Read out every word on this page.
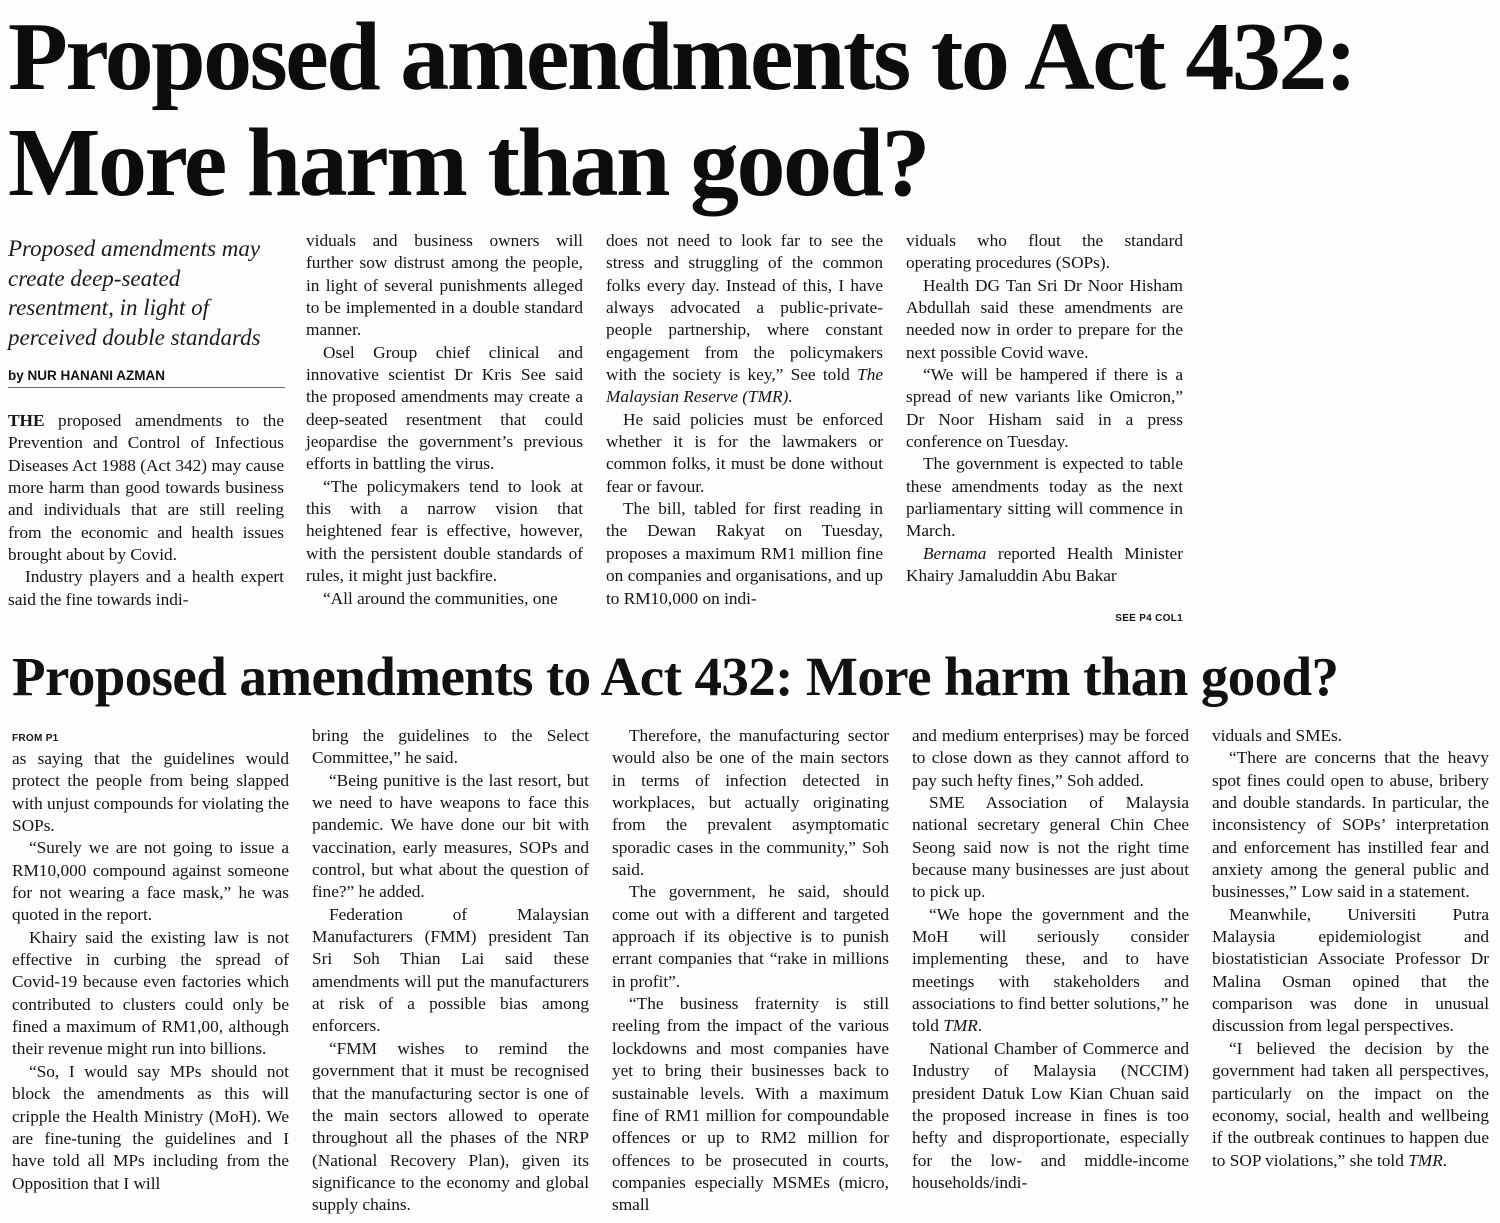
Proposed amendments to Act 432:
More harm than good?
Proposed amendments may create deep-seated resentment, in light of perceived double standards
by NUR HANANI AZMAN

THE proposed amendments to the Prevention and Control of Infectious Diseases Act 1988 (Act 342) may cause more harm than good towards business and individuals that are still reeling from the economic and health issues brought about by Covid.

Industry players and a health expert said the fine towards indi-

viduals and business owners will further sow distrust among the people, in light of several punishments alleged to be implemented in a double standard manner.

Osel Group chief clinical and innovative scientist Dr Kris See said the proposed amendments may create a deep-seated resentment that could jeopardise the government’s previous efforts in battling the virus.

“The policymakers tend to look at this with a narrow vision that heightened fear is effective, however, with the persistent double standards of rules, it might just backfire.

“All around the communities, one

does not need to look far to see the stress and struggling of the common folks every day. Instead of this, I have always advocated a public-private-people partnership, where constant engagement from the policymakers with the society is key,” See told The Malaysian Reserve (TMR).

He said policies must be enforced whether it is for the lawmakers or common folks, it must be done without fear or favour.

The bill, tabled for first reading in the Dewan Rakyat on Tuesday, proposes a maximum RM1 million fine on companies and organisations, and up to RM10,000 on indi-

viduals who flout the standard operating procedures (SOPs).

Health DG Tan Sri Dr Noor Hisham Abdullah said these amendments are needed now in order to prepare for the next possible Covid wave.

“We will be hampered if there is a spread of new variants like Omicron,” Dr Noor Hisham said in a press conference on Tuesday.

The government is expected to table these amendments today as the next parliamentary sitting will commence in March.

Bernama reported Health Minister Khairy Jamaluddin Abu Bakar

SEE P4 COL1
Proposed amendments to Act 432: More harm than good?
FROM P1

as saying that the guidelines would protect the people from being slapped with unjust compounds for violating the SOPs.

“Surely we are not going to issue a RM10,000 compound against someone for not wearing a face mask,” he was quoted in the report.

Khairy said the existing law is not effective in curbing the spread of Covid-19 because even factories which contributed to clusters could only be fined a maximum of RM1,00, although their revenue might run into billions.

“So, I would say MPs should not block the amendments as this will cripple the Health Ministry (MoH). We are fine-tuning the guidelines and I have told all MPs including from the Opposition that I will

bring the guidelines to the Select Committee,” he said.

“Being punitive is the last resort, but we need to have weapons to face this pandemic. We have done our bit with vaccination, early measures, SOPs and control, but what about the question of fine?” he added.

Federation of Malaysian Manufacturers (FMM) president Tan Sri Soh Thian Lai said these amendments will put the manufacturers at risk of a possible bias among enforcers.

“FMM wishes to remind the government that it must be recognised that the manufacturing sector is one of the main sectors allowed to operate throughout all the phases of the NRP (National Recovery Plan), given its significance to the economy and global supply chains.

Therefore, the manufacturing sector would also be one of the main sectors in terms of infection detected in workplaces, but actually originating from the prevalent asymptomatic sporadic cases in the community,” Soh said.

The government, he said, should come out with a different and targeted approach if its objective is to punish errant companies that “rake in millions in profit”.

“The business fraternity is still reeling from the impact of the various lockdowns and most companies have yet to bring their businesses back to sustainable levels. With a maximum fine of RM1 million for compoundable offences or up to RM2 million for offences to be prosecuted in courts, companies especially MSMEs (micro, small

and medium enterprises) may be forced to close down as they cannot afford to pay such hefty fines,” Soh added.

SME Association of Malaysia national secretary general Chin Chee Seong said now is not the right time because many businesses are just about to pick up.

“We hope the government and the MoH will seriously consider implementing these, and to have meetings with stakeholders and associations to find better solutions,” he told TMR.

National Chamber of Commerce and Industry of Malaysia (NCCIM) president Datuk Low Kian Chuan said the proposed increase in fines is too hefty and disproportionate, especially for the low- and middle-income households/indi-

viduals and SMEs.

“There are concerns that the heavy spot fines could open to abuse, bribery and double standards. In particular, the inconsistency of SOPs’ interpretation and enforcement has instilled fear and anxiety among the general public and businesses,” Low said in a statement.

Meanwhile, Universiti Putra Malaysia epidemiologist and biostatistician Associate Professor Dr Malina Osman opined that the comparison was done in unusual discussion from legal perspectives.

“I believed the decision by the government had taken all perspectives, particularly on the impact on the economy, social, health and wellbeing if the outbreak continues to happen due to SOP violations,” she told TMR.
